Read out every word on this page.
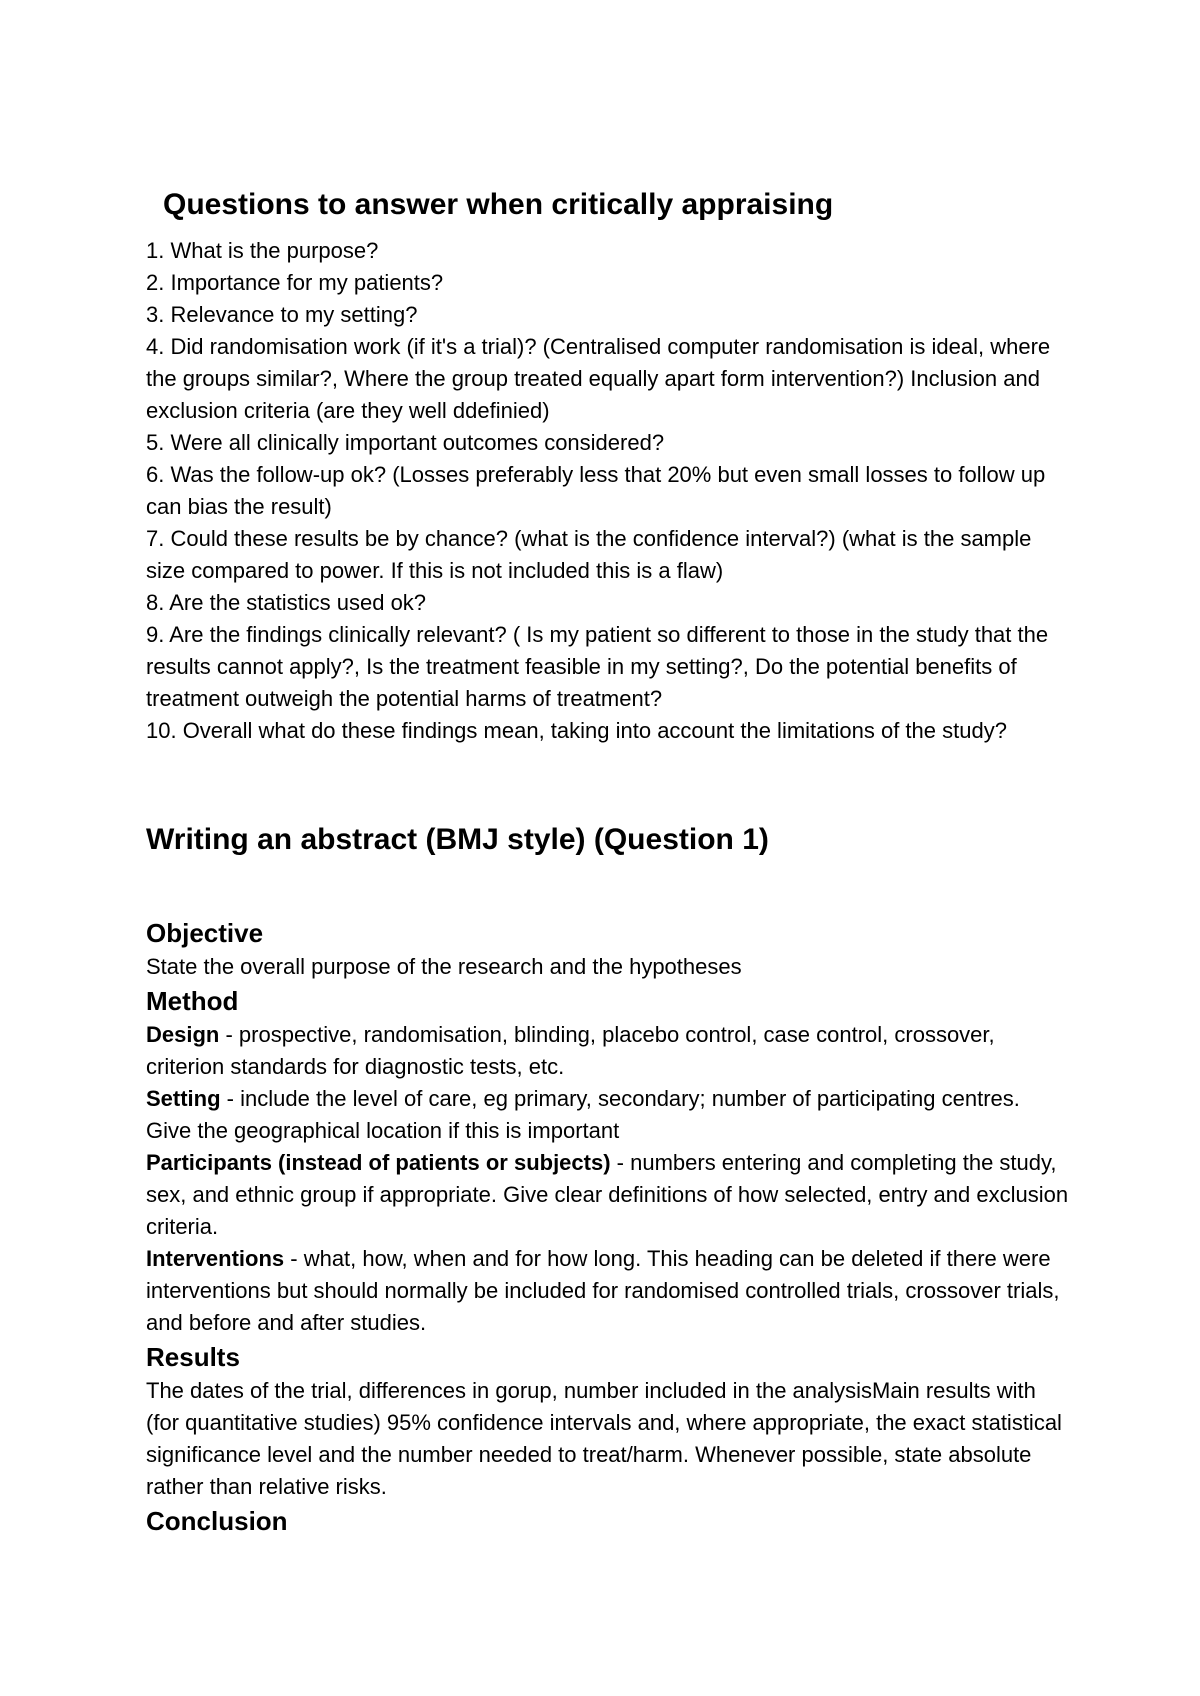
Questions to answer when critically appraising
1. What is the purpose?
2. Importance for my patients?
3. Relevance to my setting?
4. Did randomisation work (if it's a trial)? (Centralised computer randomisation is ideal, where the groups similar?, Where the group treated equally apart form intervention?) Inclusion and exclusion criteria (are they well ddefinied)
5. Were all clinically important outcomes considered?
6. Was the follow-up ok? (Losses preferably less that 20% but even small losses to follow up can bias the result)
7. Could these results be by chance? (what is the confidence interval?) (what is the sample size compared to power. If this is not included this is a flaw)
8. Are the statistics used ok?
9. Are the findings clinically relevant? ( Is my patient so different to those in the study that the results cannot apply?, Is the treatment feasible in my setting?, Do the potential benefits of treatment outweigh the potential harms of treatment?
10. Overall what do these findings mean, taking into account the limitations of the study?
Writing an abstract (BMJ style) (Question 1)
Objective

State the overall purpose of the research and the hypotheses

Method

Design - prospective, randomisation, blinding, placebo control, case control, crossover, criterion standards for diagnostic tests, etc.

Setting - include the level of care, eg primary, secondary; number of participating centres. Give the geographical location if this is important

Participants (instead of patients or subjects) - numbers entering and completing the study, sex, and ethnic group if appropriate. Give clear definitions of how selected, entry and exclusion criteria.

Interventions - what, how, when and for how long. This heading can be deleted if there were interventions but should normally be included for randomised controlled trials, crossover trials, and before and after studies.

Results

The dates of the trial, differences in gorup, number included in the analysisMain results with (for quantitative studies) 95% confidence intervals and, where appropriate, the exact statistical significance level and the number needed to treat/harm. Whenever possible, state absolute rather than relative risks.

Conclusion
